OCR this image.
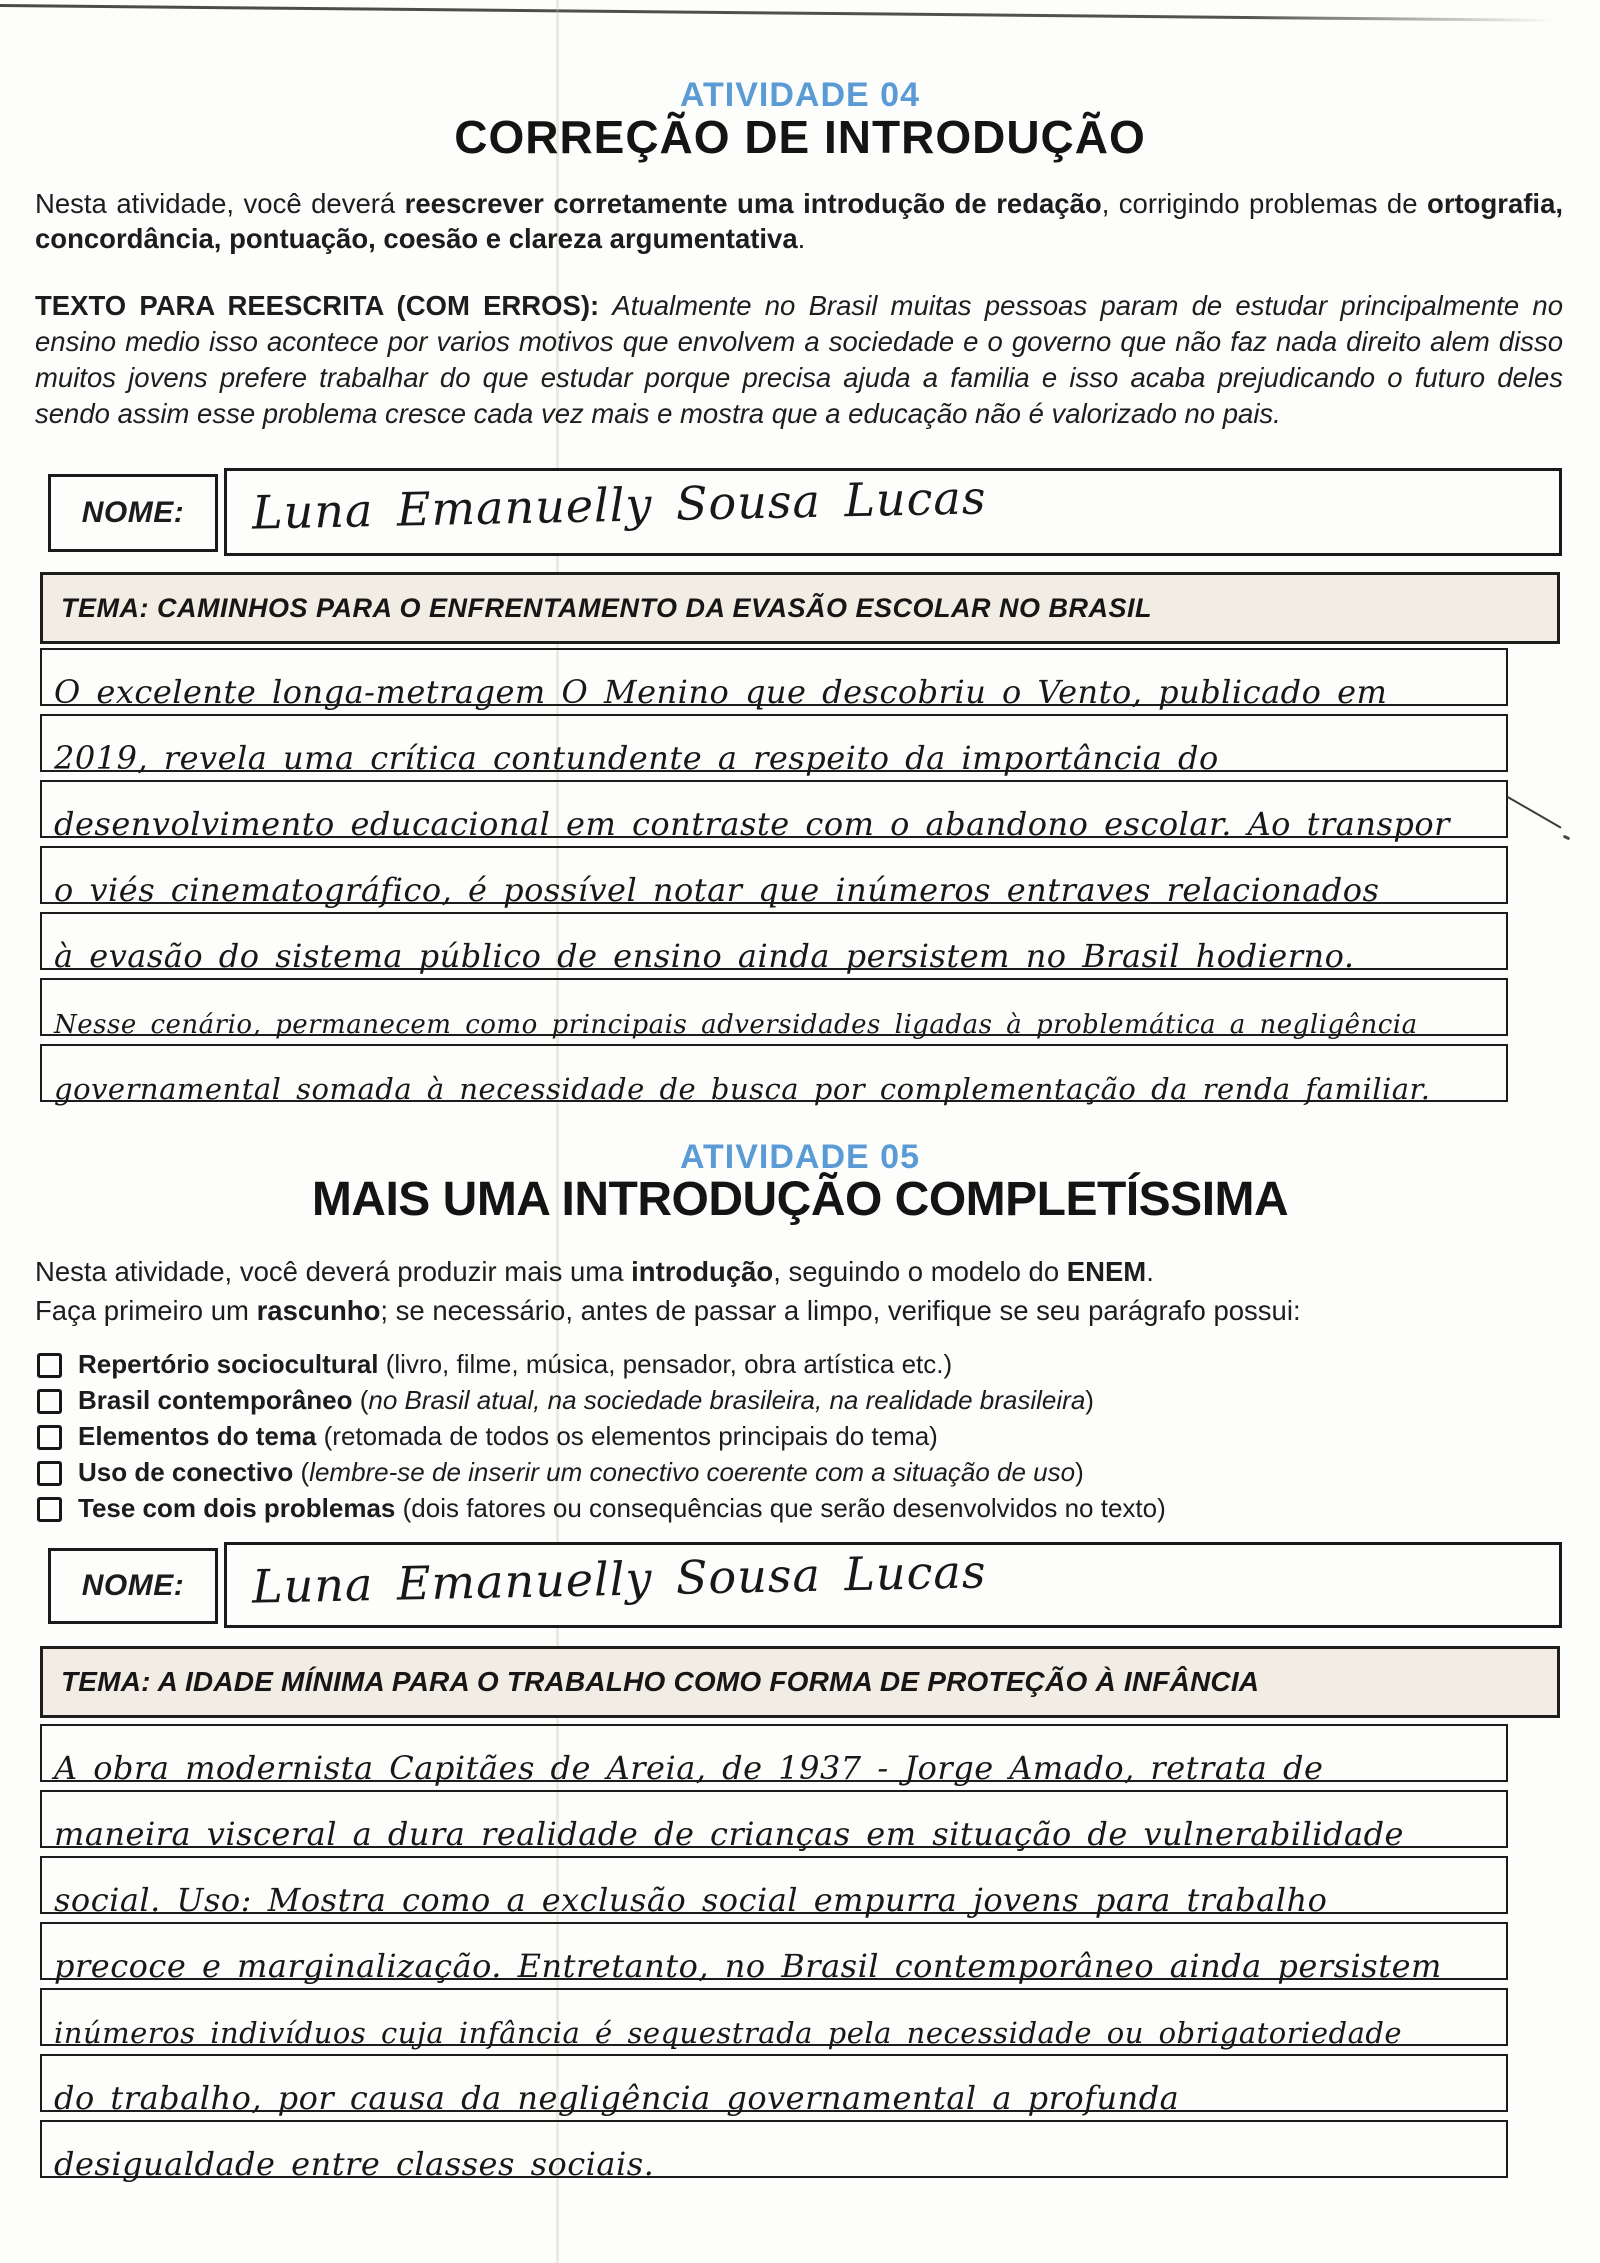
ATIVIDADE 04
CORREÇÃO DE INTRODUÇÃO
Nesta atividade, você deverá reescrever corretamente uma introdução de redação, corrigindo problemas de ortografia, concordância, pontuação, coesão e clareza argumentativa.
TEXTO PARA REESCRITA (COM ERROS): Atualmente no Brasil muitas pessoas param de estudar principalmente no ensino medio isso acontece por varios motivos que envolvem a sociedade e o governo que não faz nada direito alem disso muitos jovens prefere trabalhar do que estudar porque precisa ajuda a familia e isso acaba prejudicando o futuro deles sendo assim esse problema cresce cada vez mais e mostra que a educação não é valorizado no pais.
NOME: Luna Emanuelly Sousa Lucas
TEMA: CAMINHOS PARA O ENFRENTAMENTO DA EVASÃO ESCOLAR NO BRASIL
O excelente longa-metragem O Menino que descobriu o Vento, publicado em
2019, revela uma crítica contundente a respeito da importância do
desenvolvimento educacional em contraste com o abandono escolar. Ao transpor
o viés cinematográfico, é possível notar que inúmeros entraves relacionados
à evasão do sistema público de ensino ainda persistem no Brasil hodierno.
Nesse cenário, permanecem como principais adversidades ligadas à problemática a negligência
governamental somada à necessidade de busca por complementação da renda familiar.
ATIVIDADE 05
MAIS UMA INTRODUÇÃO COMPLETÍSSIMA
Nesta atividade, você deverá produzir mais uma introdução, seguindo o modelo do ENEM.
Faça primeiro um rascunho; se necessário, antes de passar a limpo, verifique se seu parágrafo possui:
Repertório sociocultural (livro, filme, música, pensador, obra artística etc.)
Brasil contemporâneo (no Brasil atual, na sociedade brasileira, na realidade brasileira)
Elementos do tema (retomada de todos os elementos principais do tema)
Uso de conectivo (lembre-se de inserir um conectivo coerente com a situação de uso)
Tese com dois problemas (dois fatores ou consequências que serão desenvolvidos no texto)
NOME: Luna Emanuelly Sousa Lucas
TEMA: A IDADE MÍNIMA PARA O TRABALHO COMO FORMA DE PROTEÇÃO À INFÂNCIA
A obra modernista Capitães de Areia, de 1937 - Jorge Amado, retrata de
maneira visceral a dura realidade de crianças em situação de vulnerabilidade
social. Uso: Mostra como a exclusão social empurra jovens para trabalho
precoce e marginalização. Entretanto, no Brasil contemporâneo ainda persistem
inúmeros indivíduos cuja infância é sequestrada pela necessidade ou obrigatoriedade
do trabalho, por causa da negligência governamental a profunda
desigualdade entre classes sociais.
